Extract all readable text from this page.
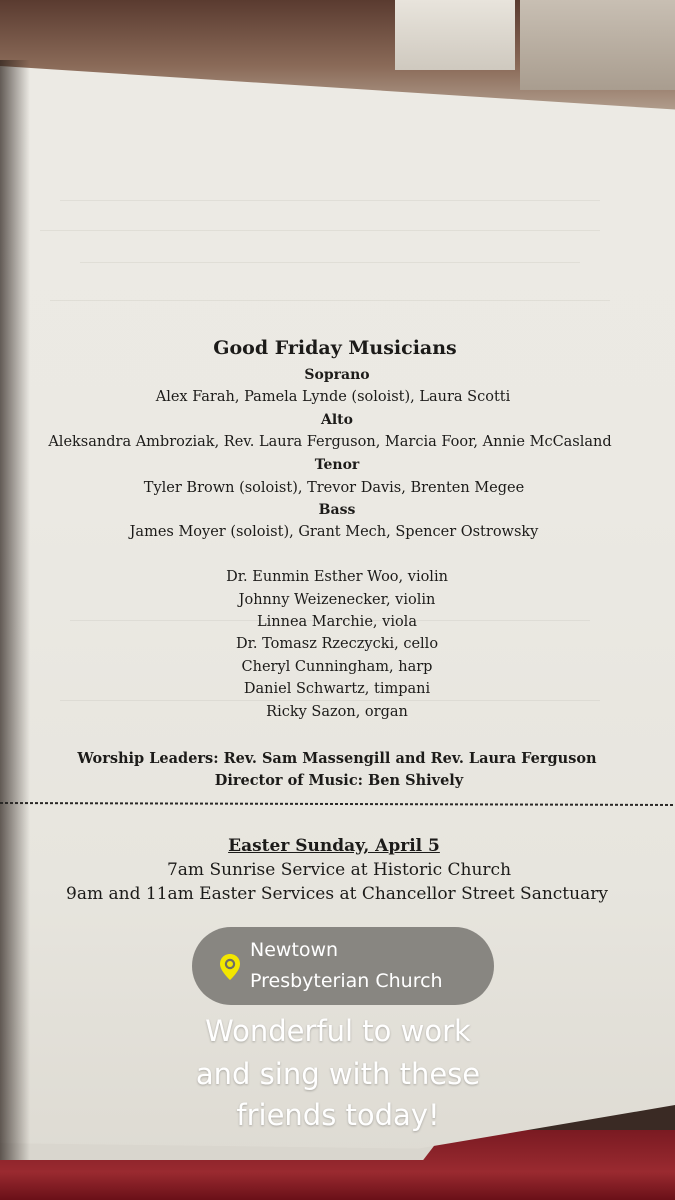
Good Friday Musicians
Soprano
Alex Farah, Pamela Lynde (soloist), Laura Scotti
Alto
Aleksandra Ambroziak, Rev. Laura Ferguson, Marcia Foor, Annie McCasland
Tenor
Tyler Brown (soloist), Trevor Davis, Brenten Megee
Bass
James Moyer (soloist), Grant Mech, Spencer Ostrowsky
Dr. Eunmin Esther Woo, violin
Johnny Weizenecker, violin
Linnea Marchie, viola
Dr. Tomasz Rzeczycki, cello
Cheryl Cunningham, harp
Daniel Schwartz, timpani
Ricky Sazon, organ
Worship Leaders: Rev. Sam Massengill and Rev. Laura Ferguson
Director of Music: Ben Shively
Easter Sunday, April 5
7am Sunrise Service at Historic Church
9am and 11am Easter Services at Chancellor Street Sanctuary
Newtown
Presbyterian Church
Wonderful to work
and sing with these
friends today!
